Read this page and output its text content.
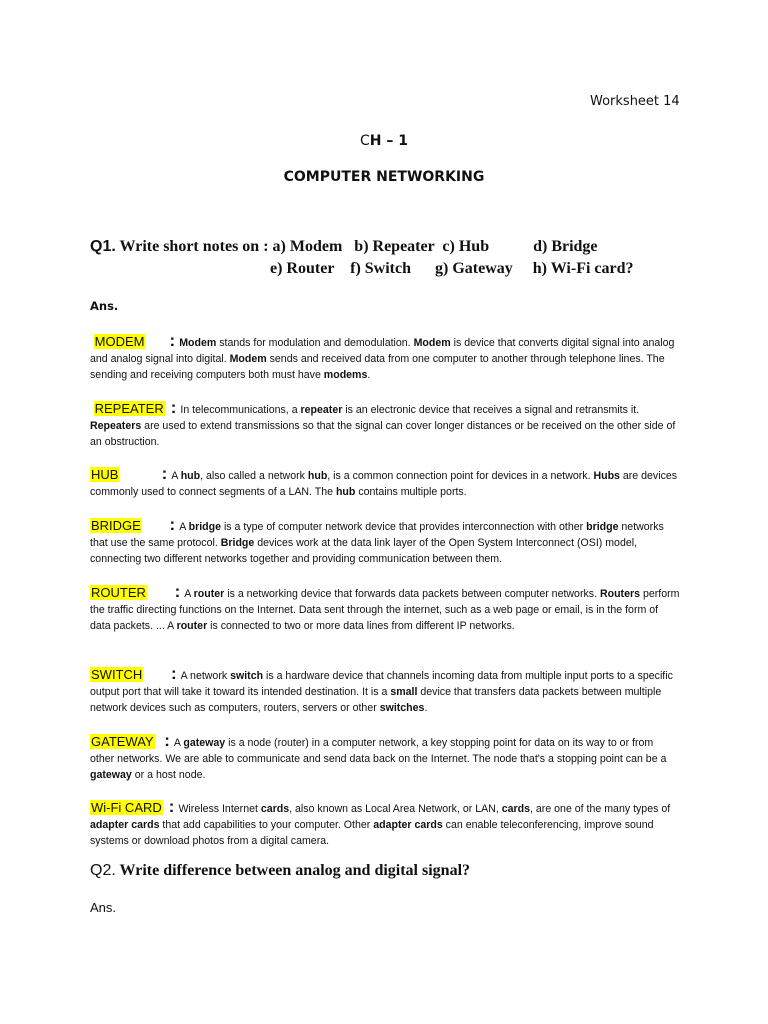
Worksheet 14
CH – 1
COMPUTER NETWORKING
Q1. Write short notes on : a) Modem   b) Repeater  c) Hub           d) Bridge
e) Router    f) Switch      g) Gateway     h) Wi-Fi card?
Ans.
MODEM : Modem stands for modulation and demodulation. Modem is device that converts digital signal into analog and analog signal into digital. Modem sends and received data from one computer to another through telephone lines. The sending and receiving computers both must have modems.
REPEATER : In telecommunications, a repeater is an electronic device that receives a signal and retransmits it. Repeaters are used to extend transmissions so that the signal can cover longer distances or be received on the other side of an obstruction.
HUB	: A hub, also called a network hub, is a common connection point for devices in a network. Hubs are devices commonly used to connect segments of a LAN. The hub contains multiple ports.
BRIDGE : A bridge is a type of computer network device that provides interconnection with other bridge networks that use the same protocol. Bridge devices work at the data link layer of the Open System Interconnect (OSI) model, connecting two different networks together and providing communication between them.
ROUTER : A router is a networking device that forwards data packets between computer networks. Routers perform the traffic directing functions on the Internet. Data sent through the internet, such as a web page or email, is in the form of data packets. ... A router is connected to two or more data lines from different IP networks.
SWITCH : A network switch is a hardware device that channels incoming data from multiple input ports to a specific output port that will take it toward its intended destination. It is a small device that transfers data packets between multiple network devices such as computers, routers, servers or other switches.
GATEWAY : A gateway is a node (router) in a computer network, a key stopping point for data on its way to or from other networks. We are able to communicate and send data back on the Internet. The node that's a stopping point can be a gateway or a host node.
Wi-Fi CARD : Wireless Internet cards, also known as Local Area Network, or LAN, cards, are one of the many types of adapter cards that add capabilities to your computer. Other adapter cards can enable teleconferencing, improve sound systems or download photos from a digital camera.
Q2. Write difference between analog and digital signal?
Ans.
